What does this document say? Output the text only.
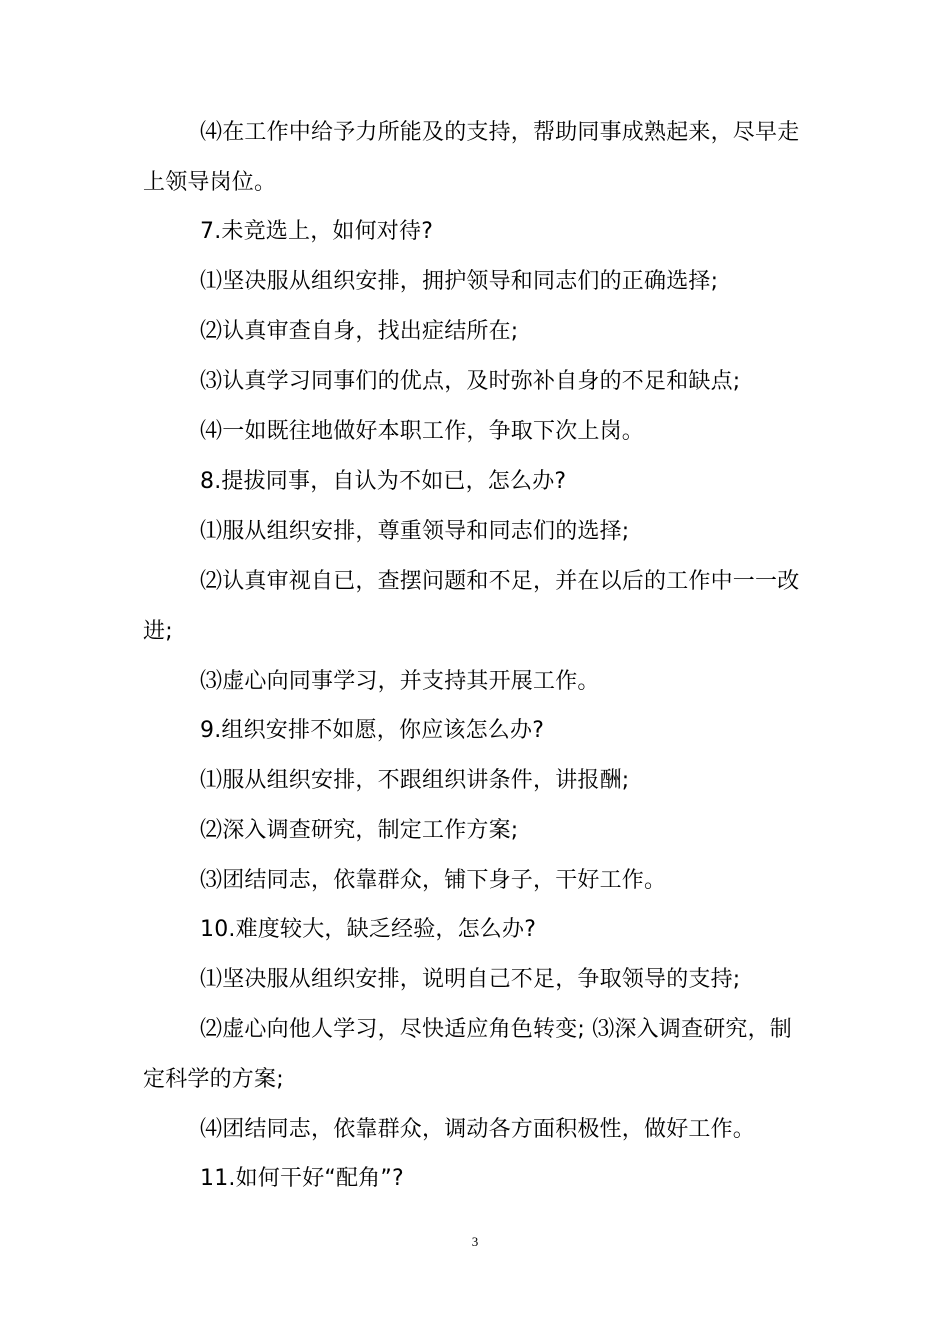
⑷在工作中给予力所能及的支持，帮助同事成熟起来，尽早走
上领导岗位。
7.未竞选上，如何对待?
⑴坚决服从组织安排，拥护领导和同志们的正确选择;
⑵认真审查自身，找出症结所在;
⑶认真学习同事们的优点，及时弥补自身的不足和缺点;
⑷一如既往地做好本职工作，争取下次上岗。
8.提拔同事，自认为不如已，怎么办?
⑴服从组织安排，尊重领导和同志们的选择;
⑵认真审视自已，查摆问题和不足，并在以后的工作中一一改
进;
⑶虚心向同事学习，并支持其开展工作。
9.组织安排不如愿，你应该怎么办?
⑴服从组织安排，不跟组织讲条件，讲报酬;
⑵深入调查研究，制定工作方案;
⑶团结同志，依靠群众，铺下身子，干好工作。
10.难度较大，缺乏经验，怎么办?
⑴坚决服从组织安排，说明自己不足，争取领导的支持;
⑵虚心向他人学习，尽快适应角色转变; ⑶深入调查研究，制
定科学的方案;
⑷团结同志，依靠群众，调动各方面积极性，做好工作。
11.如何干好“配角”?
3
